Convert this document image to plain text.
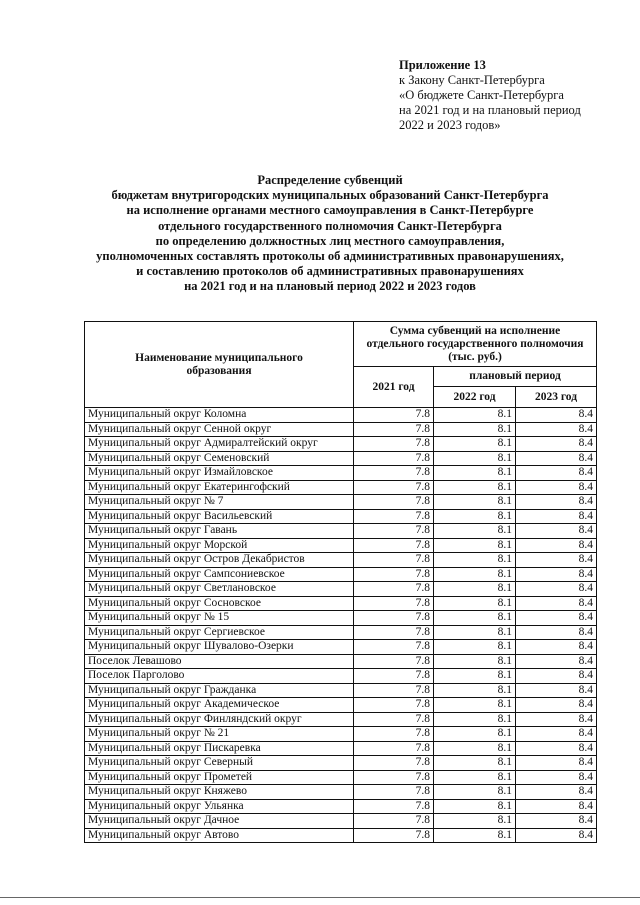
Приложение 13
к Закону Санкт-Петербурга
«О бюджете Санкт-Петербурга
на 2021 год и на плановый период
2022 и 2023 годов»
Распределение субвенций
бюджетам внутригородских муниципальных образований Санкт-Петербурга
на исполнение органами местного самоуправления в Санкт-Петербурге
отдельного государственного полномочия Санкт-Петербурга
по определению должностных лиц местного самоуправления,
уполномоченных составлять протоколы об административных правонарушениях,
и составлению протоколов об административных правонарушениях
на 2021 год и на плановый период 2022 и 2023 годов
Наименование муниципального образования	Сумма субвенций на исполнение отдельного государственного полномочия (тыс. руб.)		
	2021 год	плановый период	
		2022 год	2023 год
Муниципальный округ Коломна	7.8	8.1	8.4
Муниципальный округ Сенной округ	7.8	8.1	8.4
Муниципальный округ Адмиралтейский округ	7.8	8.1	8.4
Муниципальный округ Семеновский	7.8	8.1	8.4
Муниципальный округ Измайловское	7.8	8.1	8.4
Муниципальный округ Екатерингофский	7.8	8.1	8.4
Муниципальный округ № 7	7.8	8.1	8.4
Муниципальный округ Васильевский	7.8	8.1	8.4
Муниципальный округ Гавань	7.8	8.1	8.4
Муниципальный округ Морской	7.8	8.1	8.4
Муниципальный округ Остров Декабристов	7.8	8.1	8.4
Муниципальный округ Сампсониевское	7.8	8.1	8.4
Муниципальный округ Светлановское	7.8	8.1	8.4
Муниципальный округ Сосновское	7.8	8.1	8.4
Муниципальный округ № 15	7.8	8.1	8.4
Муниципальный округ Сергиевское	7.8	8.1	8.4
Муниципальный округ Шувалово-Озерки	7.8	8.1	8.4
Поселок Левашово	7.8	8.1	8.4
Поселок Парголово	7.8	8.1	8.4
Муниципальный округ Гражданка	7.8	8.1	8.4
Муниципальный округ Академическое	7.8	8.1	8.4
Муниципальный округ Финляндский округ	7.8	8.1	8.4
Муниципальный округ № 21	7.8	8.1	8.4
Муниципальный округ Пискаревка	7.8	8.1	8.4
Муниципальный округ Северный	7.8	8.1	8.4
Муниципальный округ Прометей	7.8	8.1	8.4
Муниципальный округ Княжево	7.8	8.1	8.4
Муниципальный округ Ульянка	7.8	8.1	8.4
Муниципальный округ Дачное	7.8	8.1	8.4
Муниципальный округ Автово	7.8	8.1	8.4
